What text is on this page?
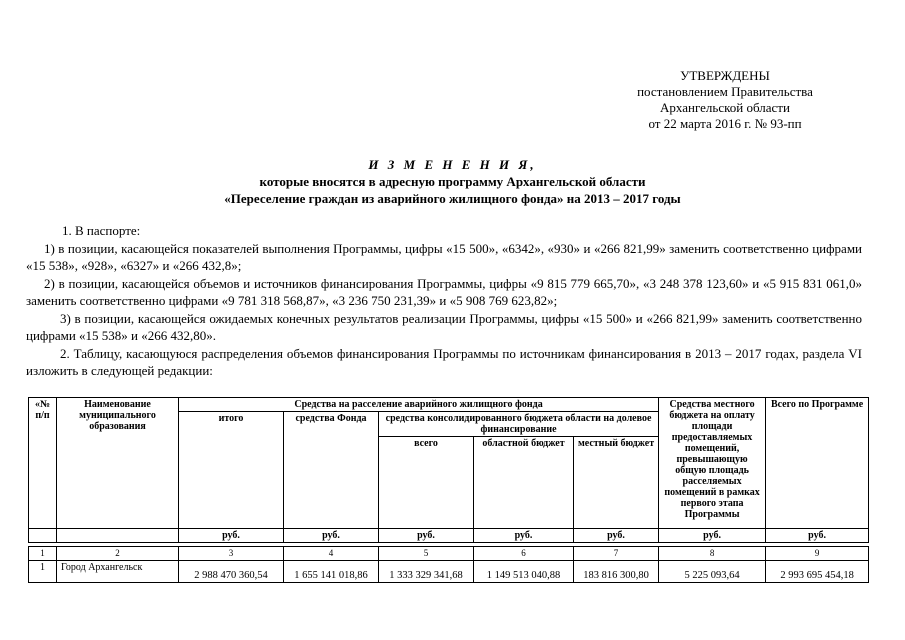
УТВЕРЖДЕНЫ
постановлением Правительства
Архангельской области
от 22 марта 2016 г. № 93-пп
И З М Е Н Е Н И Я,
которые вносятся в адресную программу Архангельской области
«Переселение граждан из аварийного жилищного фонда» на 2013 – 2017 годы

1. В паспорте:

1) в позиции, касающейся показателей выполнения Программы, цифры «15 500», «6342», «930» и «266 821,99» заменить соответственно цифрами «15 538», «928», «6327» и «266 432,8»;

2) в позиции, касающейся объемов и источников финансирования Программы, цифры «9 815 779 665,70», «3 248 378 123,60» и «5 915 831 061,0» заменить соответственно цифрами «9 781 318 568,87», «3 236 750 231,39» и «5 908 769 623,82»;

3) в позиции, касающейся ожидаемых конечных результатов реализации Программы, цифры «15 500» и «266 821,99» заменить соответственно цифрами «15 538» и «266 432,80».

2. Таблицу, касающуюся распределения объемов финансирования Программы по источникам финансирования в 2013 – 2017 годах, раздела VI изложить в следующей редакции:

«№ п/п	Наименование муниципального образования	Средства на расселение аварийного жилищного фонда					Средства местного бюджета на оплату площади предоставляемых помещений, превышающую общую площадь расселяемых помещений в рамках первого этапа Программы	Всего по Программе
		итого	средства Фонда	средства консолидированного бюджета области на долевое финансирование				
				всего	областной бюджет	местный бюджет		
		руб.	руб.	руб.	руб.	руб.	руб.	руб.

1	2	3	4	5	6	7	8	9
1	Город Архангельск	2 988 470 360,54	1 655 141 018,86	1 333 329 341,68	1 149 513 040,88	183 816 300,80	5 225 093,64	2 993 695 454,18
